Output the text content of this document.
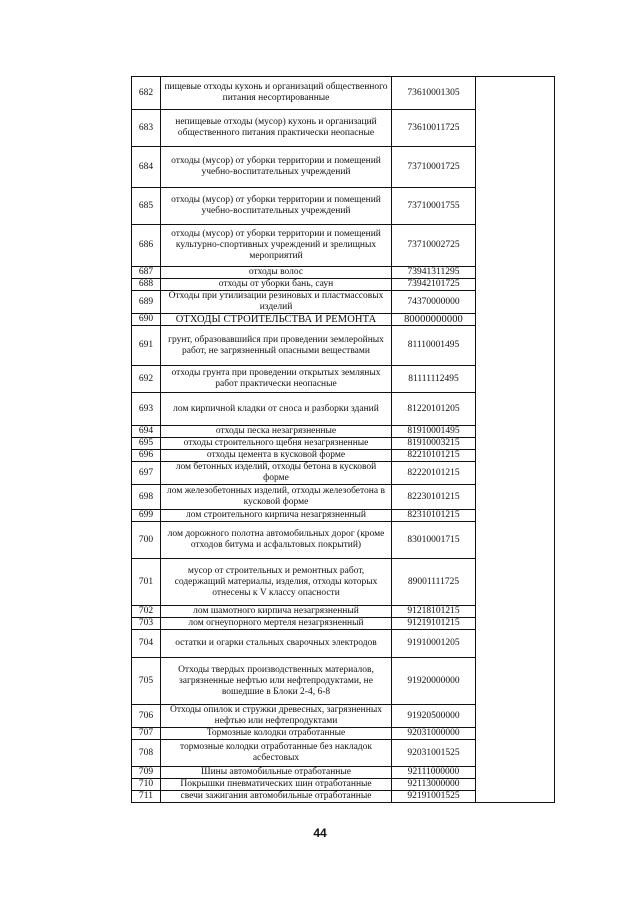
682	пищевые отходы кухонь и организаций общественного питания несортированные	73610001305	
683	непищевые отходы (мусор) кухонь и организаций общественного питания практически неопасные	73610011725	
684	отходы (мусор) от уборки территории и помещений учебно-воспитательных учреждений	73710001725	
685	отходы (мусор) от уборки территории и помещений учебно-воспитательных учреждений	73710001755	
686	отходы (мусор) от уборки территории и помещений культурно-спортивных учреждений и зрелищных мероприятий	73710002725	
687	отходы волос	73941311295	
688	отходы от уборки бань, саун	73942101725	
689	Отходы при утилизации резиновых и пластмассовых изделий	74370000000	
690	ОТХОДЫ СТРОИТЕЛЬСТВА И РЕМОНТА	80000000000	
691	грунт, образовавшийся при проведении землеройных работ, не загрязненный опасными веществами	81110001495	
692	отходы грунта при проведении открытых земляных работ практически неопасные	81111112495	
693	лом кирпичной кладки от сноса и разборки зданий	81220101205	
694	отходы песка незагрязненные	81910001495	
695	отходы строительного щебня незагрязненные	81910003215	
696	отходы цемента в кусковой форме	82210101215	
697	лом бетонных изделий, отходы бетона в кусковой форме	82220101215	
698	лом железобетонных изделий, отходы железобетона в кусковой форме	82230101215	
699	лом строительного кирпича незагрязненный	82310101215	
700	лом дорожного полотна автомобильных дорог (кроме отходов битума и асфальтовых покрытий)	83010001715	
701	мусор от строительных и ремонтных работ, содержащий материалы, изделия, отходы которых отнесены к V классу опасности	89001111725	
702	лом шамотного кирпича незагрязненный	91218101215	
703	лом огнеупорного мертеля незагрязненный	91219101215	
704	остатки и огарки стальных сварочных электродов	91910001205	
705	Отходы твердых производственных материалов, загрязненные нефтью или нефтепродуктами, не вошедшие в Блоки 2-4, 6-8	91920000000	
706	Отходы опилок и стружки древесных, загрязненных нефтью или нефтепродуктами	91920500000	
707	Тормозные колодки отработанные	92031000000	
708	тормозные колодки отработанные без накладок асбестовых	92031001525	
709	Шины автомобильные отработанные	92111000000	
710	Покрышки пневматических шин отработанные	92113000000	
711	свечи зажигания автомобильные отработанные	92191001525	
44
